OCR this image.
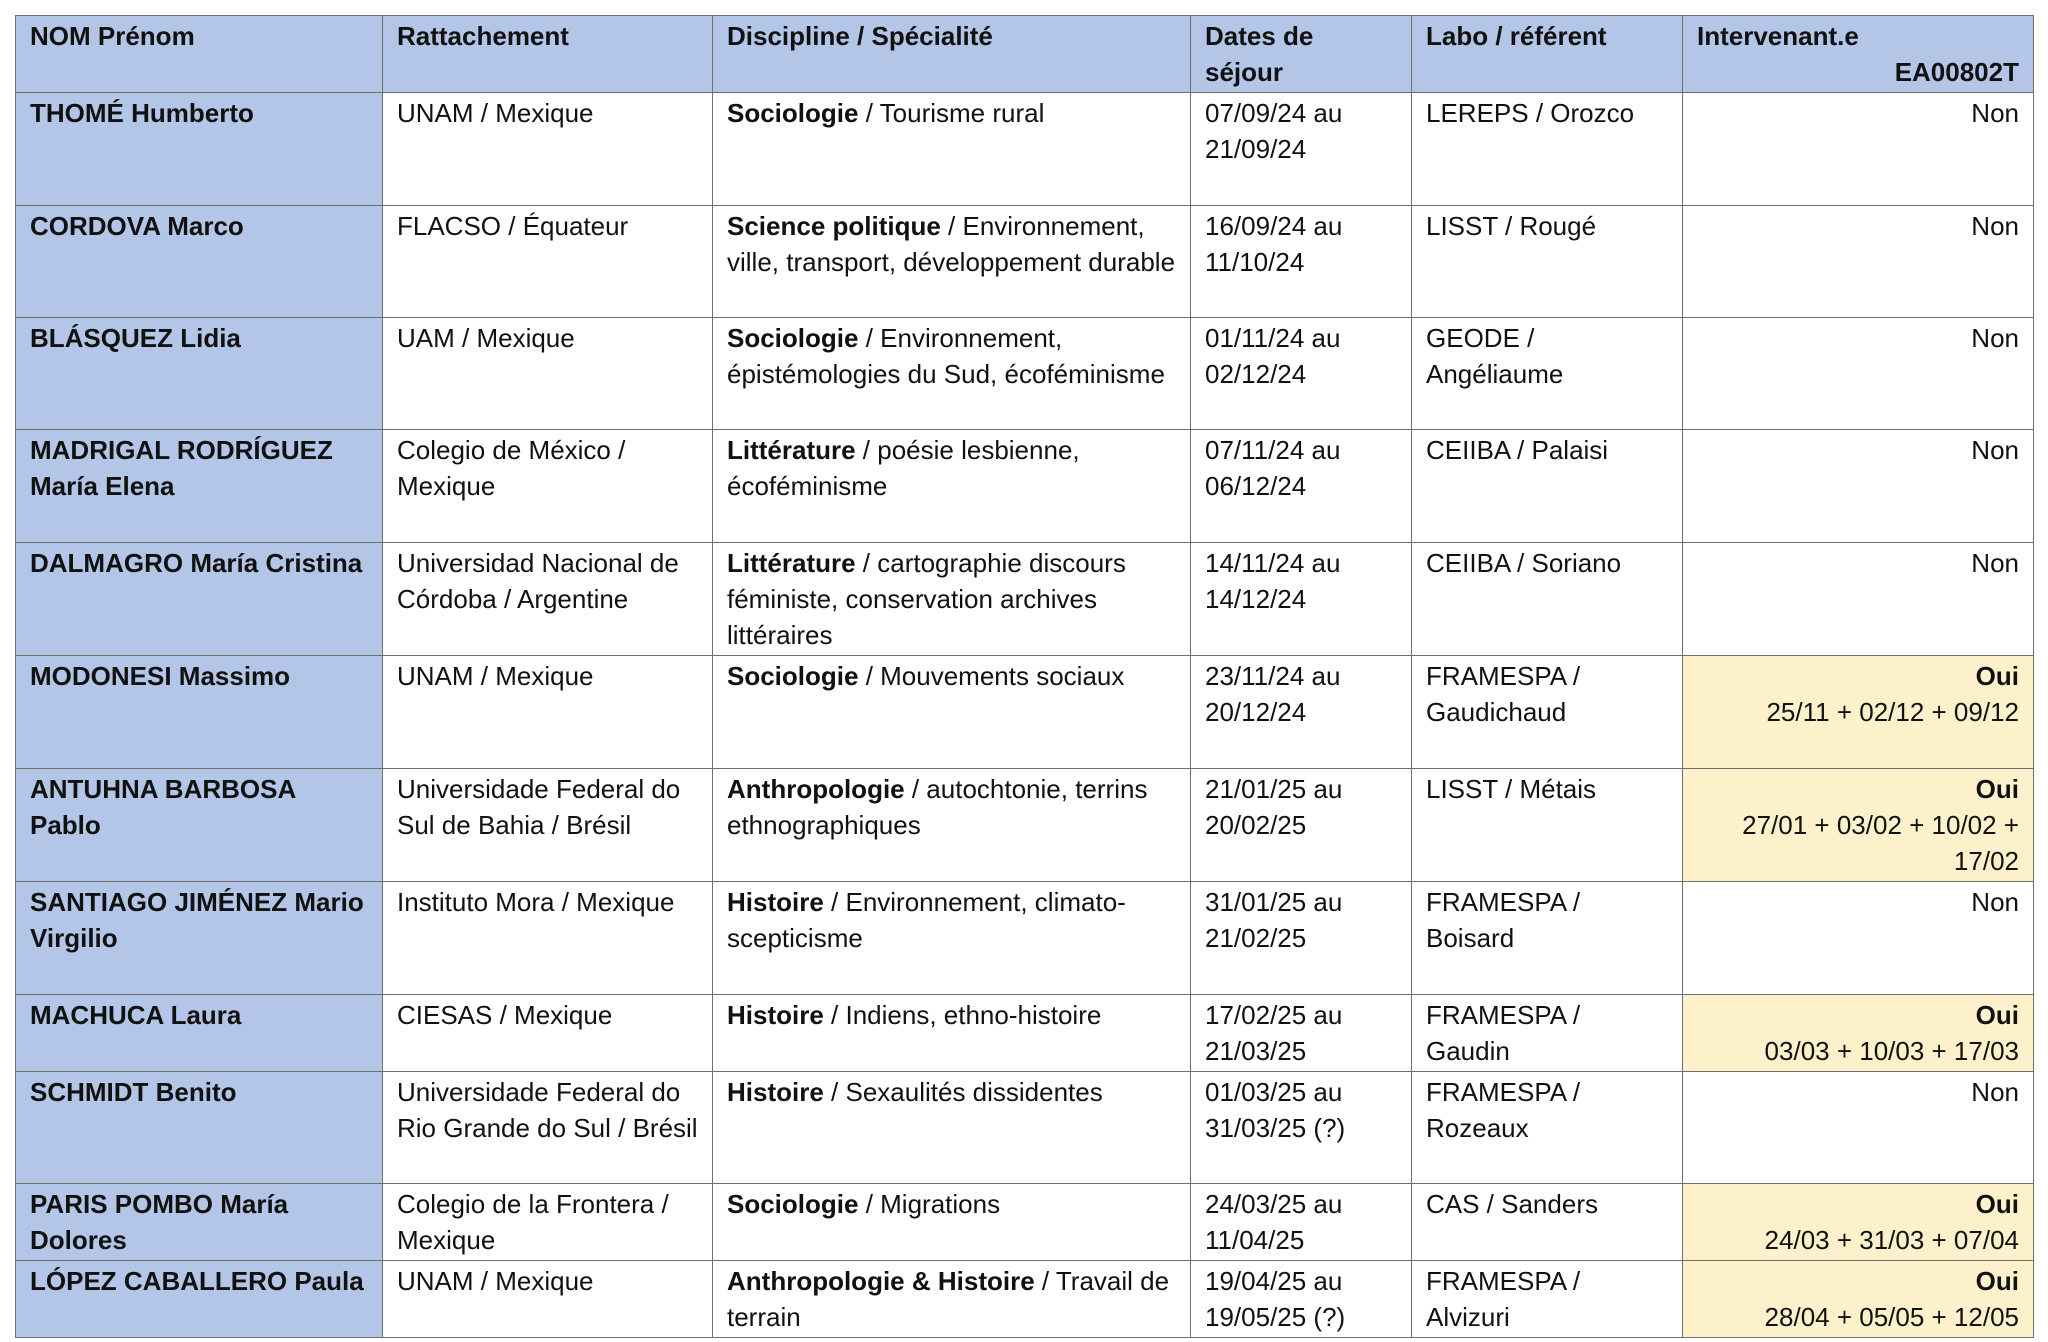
NOM Prénom	Rattachement	Discipline / Spécialité	Dates de séjour	Labo / référent	Intervenant.e
EA00802T

THOMÉ Humberto	UNAM / Mexique	Sociologie / Tourisme rural	07/09/24 au 21/09/24	LEREPS / Orozco	Non

CORDOVA Marco	FLACSO / Équateur	Science politique / Environnement, ville, transport, développement durable	16/09/24 au 11/10/24	LISST / Rougé	Non

BLÁSQUEZ Lidia	UAM / Mexique	Sociologie / Environnement, épistémologies du Sud, écoféminisme	01/11/24 au 02/12/24	GEODE / Angéliaume	Non

MADRIGAL RODRÍGUEZ María Elena	Colegio de México / Mexique	Littérature / poésie lesbienne, écoféminisme	07/11/24 au 06/12/24	CEIIBA / Palaisi	Non

DALMAGRO María Cristina	Universidad Nacional de Córdoba / Argentine	Littérature / cartographie discours féministe, conservation archives littéraires	14/11/24 au 14/12/24	CEIIBA / Soriano	Non

MODONESI Massimo	UNAM / Mexique	Sociologie / Mouvements sociaux	23/11/24 au 20/12/24	FRAMESPA / Gaudichaud	Oui
25/11 + 02/12 + 09/12

ANTUHNA BARBOSA Pablo	Universidade Federal do Sul de Bahia / Brésil	Anthropologie / autochtonie, terrins ethnographiques	21/01/25 au 20/02/25	LISST / Métais	Oui
27/01 + 03/02 + 10/02 + 17/02

SANTIAGO JIMÉNEZ Mario Virgilio	Instituto Mora / Mexique	Histoire / Environnement, climato-scepticisme	31/01/25 au 21/02/25	FRAMESPA / Boisard	Non

MACHUCA Laura	CIESAS / Mexique	Histoire / Indiens, ethno-histoire	17/02/25 au 21/03/25	FRAMESPA / Gaudin	Oui
03/03 + 10/03 + 17/03

SCHMIDT Benito	Universidade Federal do Rio Grande do Sul / Brésil	Histoire / Sexaulités dissidentes	01/03/25 au 31/03/25 (?)	FRAMESPA / Rozeaux	Non

PARIS POMBO María Dolores	Colegio de la Frontera / Mexique	Sociologie / Migrations	24/03/25 au 11/04/25	CAS / Sanders	Oui
24/03 + 31/03 + 07/04

LÓPEZ CABALLERO Paula	UNAM / Mexique	Anthropologie & Histoire / Travail de terrain	19/04/25 au 19/05/25 (?)	FRAMESPA / Alvizuri	Oui
28/04 + 05/05 + 12/05
